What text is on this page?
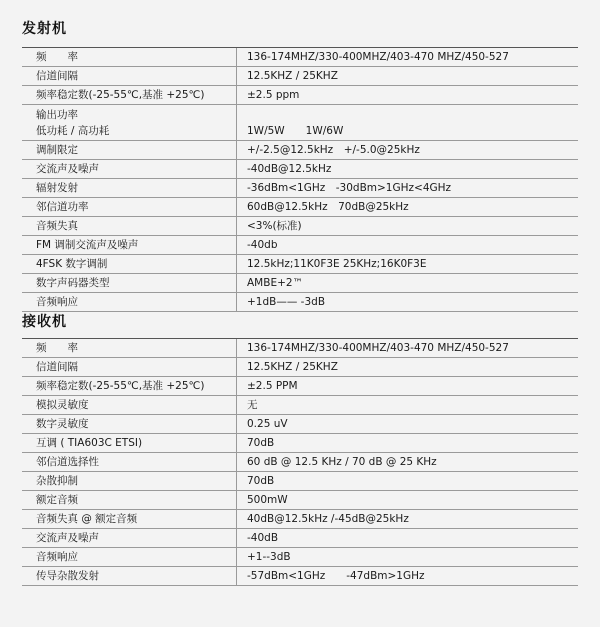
发射机
频　　率	136-174MHZ/330-400MHZ/403-470 MHZ/450-527
信道间隔	12.5KHZ / 25KHZ
频率稳定数(-25-55℃,基准 +25℃)	±2.5 ppm

输出功率
低功耗 / 高功耗	1W/5W　　1W/6W
调制限定	+/-2.5@12.5kHz　+/-5.0@25kHz
交流声及噪声	-40dB@12.5kHz
辐射发射	-36dBm<1GHz　-30dBm>1GHz<4GHz
邻信道功率	60dB@12.5kHz　70dB@25kHz
音频失真	<3%(标准)
FM 调制交流声及噪声	-40db
4FSK 数字调制	12.5kHz;11K0F3E 25KHz;16K0F3E
数字声码器类型	AMBE+2™
音频响应	+1dB—— -3dB
接收机
频　　率	136-174MHZ/330-400MHZ/403-470 MHZ/450-527
信道间隔	12.5KHZ / 25KHZ
频率稳定数(-25-55℃,基准 +25℃)	±2.5 PPM
模拟灵敏度	无
数字灵敏度	0.25 uV
互调 ( TIA603C ETSI)	70dB
邻信道选择性	60 dB @ 12.5 KHz / 70 dB @ 25 KHz
杂散抑制	70dB
额定音频	500mW
音频失真 @ 额定音频	40dB@12.5kHz /-45dB@25kHz
交流声及噪声	-40dB
音频响应	+1--3dB
传导杂散发射	-57dBm<1GHz　　-47dBm>1GHz
